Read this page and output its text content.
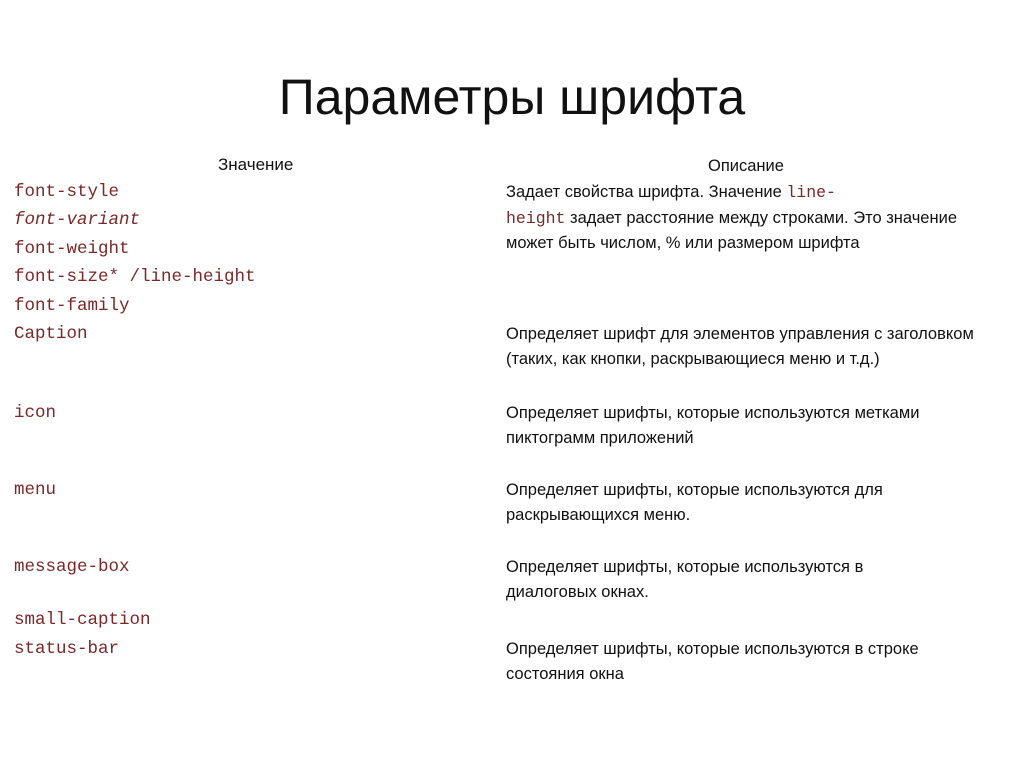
Параметры шрифта
Значение	Описание
font-style
font-variant
font-weight
font-size* /line-height
font-family
Caption
icon
menu
message-box
small-caption
status-bar
Задает свойства шрифта. Значение line-
height задает расстояние между строками. Это значение может быть числом, % или размером шрифта
Определяет шрифт для элементов управления с заголовком (таких, как кнопки, раскрывающиеся меню и т.д.)
Определяет шрифты, которые используются метками пиктограмм приложений
Определяет шрифты, которые используются для раскрывающихся меню.
Определяет шрифты, которые используются в диалоговых окнах.
Определяет шрифты, которые используются в строке состояния окна
